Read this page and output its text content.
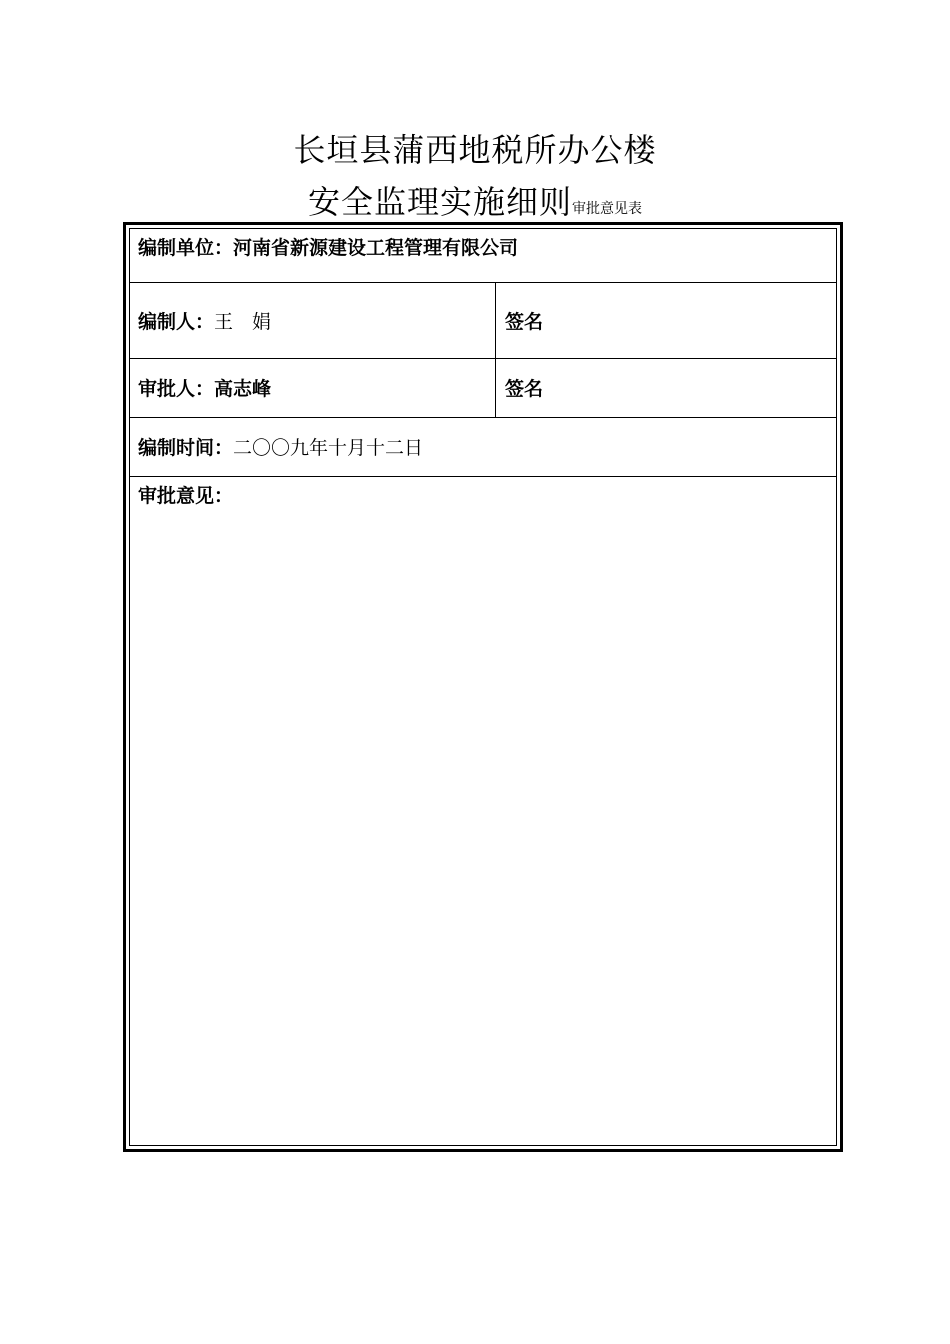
长垣县蒲西地税所办公楼
安全监理实施细则审批意见表
编制单位：河南省新源建设工程管理有限公司
编制人：王　娟	签名
审批人：高志峰	签名
编制时间：二〇〇九年十月十二日
审批意见：
